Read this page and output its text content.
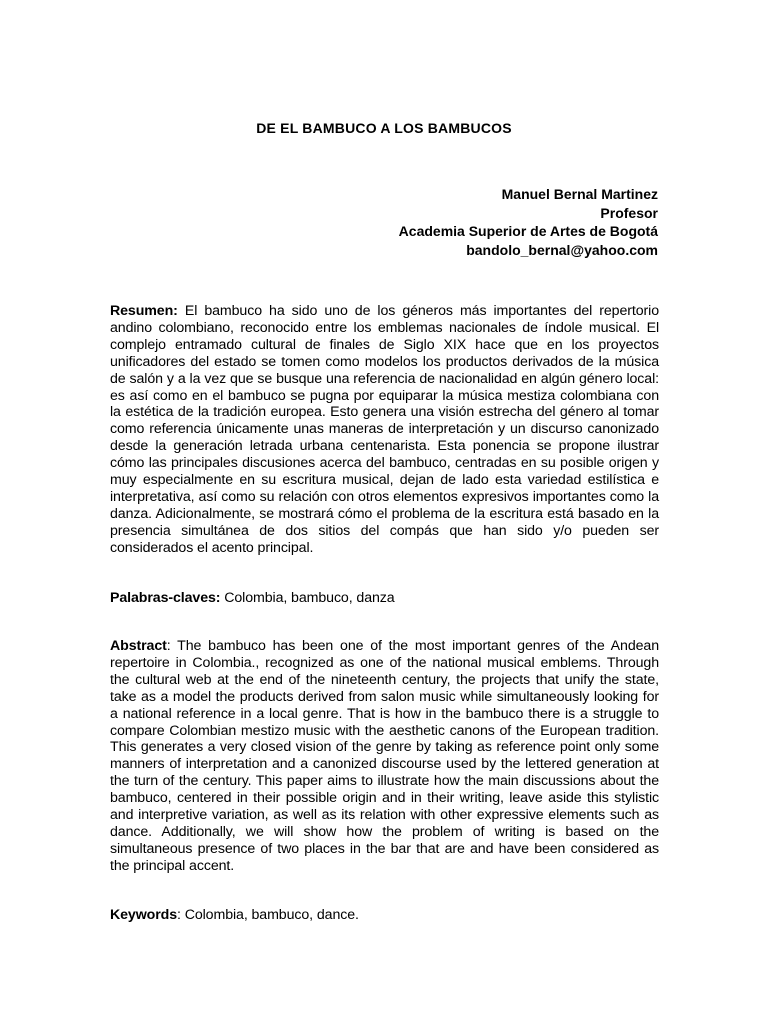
DE EL BAMBUCO A LOS BAMBUCOS
Manuel Bernal Martinez
Profesor
Academia Superior de Artes de Bogotá
bandolo_bernal@yahoo.com

Resumen: El bambuco ha sido uno de los géneros más importantes del repertorio andino colombiano, reconocido entre los emblemas nacionales de índole musical. El complejo entramado cultural de finales de Siglo XIX hace que en los proyectos unificadores del estado se tomen como modelos los productos derivados de la música de salón y a la vez que se busque una referencia de nacionalidad en algún género local: es así como en el bambuco se pugna por equiparar la música mestiza colombiana con la estética de la tradición europea. Esto genera una visión estrecha del género al tomar como referencia únicamente unas maneras de interpretación y un discurso canonizado desde la generación letrada urbana centenarista. Esta ponencia se propone ilustrar cómo las principales discusiones acerca del bambuco, centradas en su posible origen y muy especialmente en su escritura musical, dejan de lado esta variedad estilística e interpretativa, así como su relación con otros elementos expresivos importantes como la danza. Adicionalmente, se mostrará cómo el problema de la escritura está basado en la presencia simultánea de dos sitios del compás que han sido y/o pueden ser considerados el acento principal.

Palabras-claves: Colombia, bambuco, danza

Abstract: The bambuco has been one of the most important genres of the Andean repertoire in Colombia., recognized as one of the national musical emblems. Through the cultural web at the end of the nineteenth century, the projects that unify the state, take as a model the products derived from salon music while simultaneously looking for a national reference in a local genre. That is how in the bambuco there is a struggle to compare Colombian mestizo music with the aesthetic canons of the European tradition. This generates a very closed vision of the genre by taking as reference point only some manners of interpretation and a canonized discourse used by the lettered generation at the turn of the century. This paper aims to illustrate how the main discussions about the bambuco, centered in their possible origin and in their writing, leave aside this stylistic and interpretive variation, as well as its relation with other expressive elements such as dance. Additionally, we will show how the problem of writing is based on the simultaneous presence of two places in the bar that are and have been considered as the principal accent.

Keywords: Colombia, bambuco, dance.
